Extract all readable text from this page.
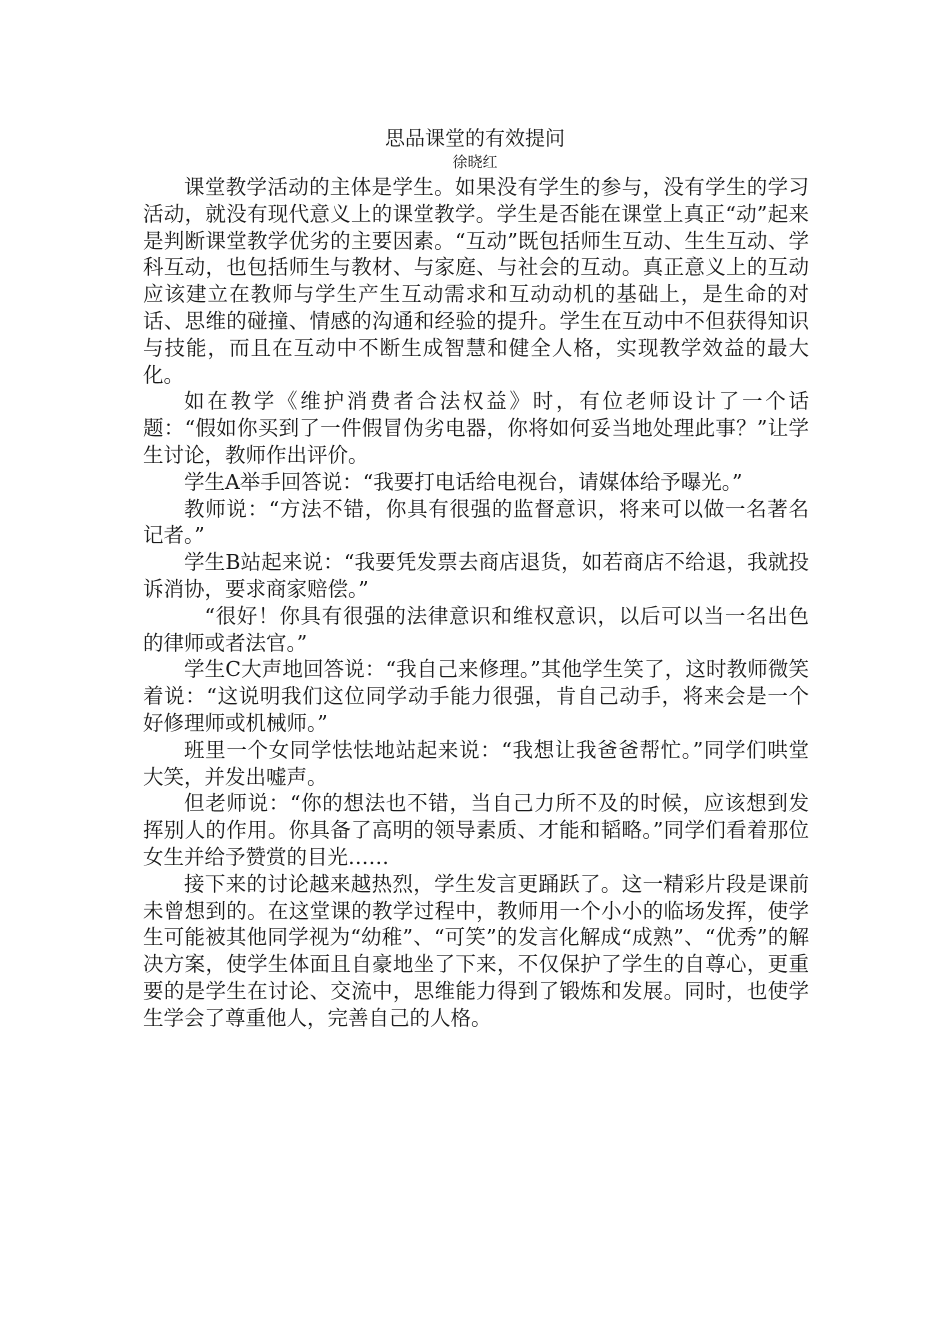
思品课堂的有效提问
徐晓红

课堂教学活动的主体是学生。如果没有学生的参与，没有学生的学习活动，就没有现代意义上的课堂教学。学生是否能在课堂上真正“动”起来是判断课堂教学优劣的主要因素。“互动”既包括师生互动、生生互动、学科互动，也包括师生与教材、与家庭、与社会的互动。真正意义上的互动应该建立在教师与学生产生互动需求和互动动机的基础上，是生命的对话、思维的碰撞、情感的沟通和经验的提升。学生在互动中不但获得知识与技能，而且在互动中不断生成智慧和健全人格，实现教学效益的最大化。

如在教学《维护消费者合法权益》时，有位老师设计了一个话题：“假如你买到了一件假冒伪劣电器，你将如何妥当地处理此事？”让学生讨论，教师作出评价。

学生A举手回答说：“我要打电话给电视台，请媒体给予曝光。”

教师说：“方法不错，你具有很强的监督意识，将来可以做一名著名记者。”

学生B站起来说：“我要凭发票去商店退货，如若商店不给退，我就投诉消协，要求商家赔偿。”

“很好！你具有很强的法律意识和维权意识，以后可以当一名出色的律师或者法官。”

学生C大声地回答说：“我自己来修理。”其他学生笑了，这时教师微笑着说：“这说明我们这位同学动手能力很强，肯自己动手，将来会是一个好修理师或机械师。”

班里一个女同学怯怯地站起来说：“我想让我爸爸帮忙。”同学们哄堂大笑，并发出嘘声。

但老师说：“你的想法也不错，当自己力所不及的时候，应该想到发挥别人的作用。你具备了高明的领导素质、才能和韬略。”同学们看着那位女生并给予赞赏的目光……

接下来的讨论越来越热烈，学生发言更踊跃了。这一精彩片段是课前未曾想到的。在这堂课的教学过程中，教师用一个小小的临场发挥，使学生可能被其他同学视为“幼稚”、“可笑”的发言化解成“成熟”、“优秀”的解决方案，使学生体面且自豪地坐了下来，不仅保护了学生的自尊心，更重要的是学生在讨论、交流中，思维能力得到了锻炼和发展。同时，也使学生学会了尊重他人，完善自己的人格。
